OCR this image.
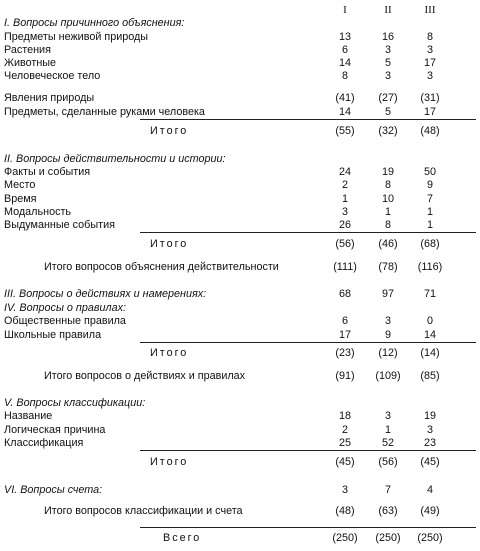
I	II	III
I. Вопросы причинного объяснения:
Предметы неживой природы	13	16	8
Растения	6	3	3
Животные	14	5	17
Человеческое тело	8	3	3
Явления природы	(41)	(27)	(31)
Предметы, сделанные руками человека	14	5	17
Итого	(55)	(32)	(48)
II. Вопросы действительности и истории:
Факты и события	24	19	50
Место	2	8	9
Время	1	10	7
Модальность	3	1	1
Выдуманные события	26	8	1
Итого	(56)	(46)	(68)
Итого вопросов объяснения действительности	(111)	(78)	(116)
III. Вопросы о действиях и намерениях:	68	97	71
IV. Вопросы о правилах:
Общественные правила	6	3	0
Школьные правила	17	9	14
Итого	(23)	(12)	(14)
Итого вопросов о действиях и правилах	(91)	(109)	(85)
V. Вопросы классификации:
Название	18	3	19
Логическая причина	2	1	3
Классификация	25	52	23
Итого	(45)	(56)	(45)
VI. Вопросы счета:	3	7	4
Итого вопросов классификации и счета	(48)	(63)	(49)
Всего	(250)	(250)	(250)
